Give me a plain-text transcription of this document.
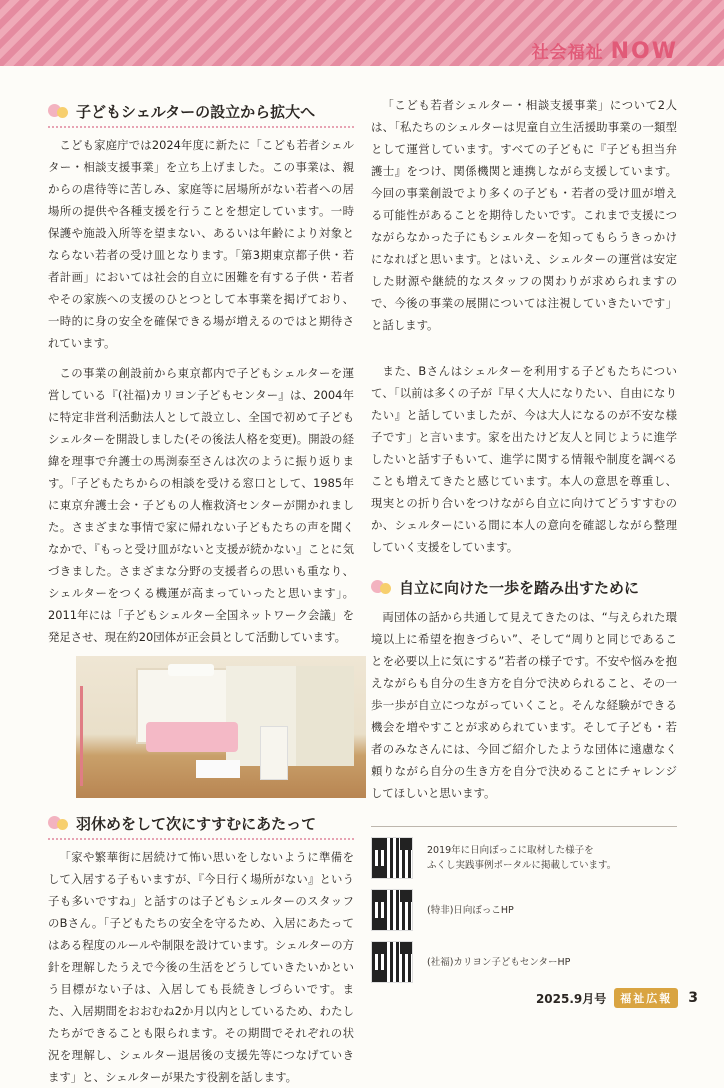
社会福祉 NOW
子どもシェルターの設立から拡大へ

こども家庭庁では2024年度に新たに「こども若者シェルター・相談支援事業」を立ち上げました。この事業は、親からの虐待等に苦しみ、家庭等に居場所がない若者への居場所の提供や各種支援を行うことを想定しています。一時保護や施設入所等を望まない、あるいは年齢により対象とならない若者の受け皿となります。「第3期東京都子供・若者計画」においては社会的自立に困難を有する子供・若者やその家族への支援のひとつとして本事業を掲げており、一時的に身の安全を確保できる場が増えるのではと期待されています。

この事業の創設前から東京都内で子どもシェルターを運営している『(社福)カリヨン子どもセンター』は、2004年に特定非営利活動法人として設立し、全国で初めて子どもシェルターを開設しました(その後法人格を変更)。開設の経緯を理事で弁護士の馬渕泰至さんは次のように振り返ります。「子どもたちからの相談を受ける窓口として、1985年に東京弁護士会・子どもの人権救済センターが開かれました。さまざまな事情で家に帰れない子どもたちの声を聞くなかで、『もっと受け皿がないと支援が続かない』ことに気づきました。さまざまな分野の支援者らの思いも重なり、シェルターをつくる機運が高まっていったと思います」。2011年には「子どもシェルター全国ネットワーク会議」を発足させ、現在約20団体が正会員として活動しています。

羽休めをして次にすすむにあたって

「家や繁華街に居続けて怖い思いをしないように準備をして入居する子もいますが、『今日行く場所がない』という子も多いですね」と話すのは子どもシェルターのスタッフのBさん。「子どもたちの安全を守るため、入居にあたってはある程度のルールや制限を設けています。シェルターの方針を理解したうえで今後の生活をどうしていきたいかという目標がない子は、入居しても長続きしづらいです。また、入居期間をおおむね2か月以内としているため、わたしたちができることも限られます。その期間でそれぞれの状況を理解し、シェルター退居後の支援先等につなげていきます」と、シェルターが果たす役割を話します。

「こども若者シェルター・相談支援事業」について2人は、「私たちのシェルターは児童自立生活援助事業の一類型として運営しています。すべての子どもに『子ども担当弁護士』をつけ、関係機関と連携しながら支援しています。今回の事業創設でより多くの子ども・若者の受け皿が増える可能性があることを期待したいです。これまで支援につながらなかった子にもシェルターを知ってもらうきっかけになればと思います。とはいえ、シェルターの運営は安定した財源や継続的なスタッフの関わりが求められますので、今後の事業の展開については注視していきたいです」と話します。

また、Bさんはシェルターを利用する子どもたちについて、「以前は多くの子が『早く大人になりたい、自由になりたい』と話していましたが、今は大人になるのが不安な様子です」と言います。家を出たけど友人と同じように進学したいと話す子もいて、進学に関する情報や制度を調べることも増えてきたと感じています。本人の意思を尊重し、現実との折り合いをつけながら自立に向けてどうすすむのか、シェルターにいる間に本人の意向を確認しながら整理していく支援をしています。

自立に向けた一歩を踏み出すために

両団体の話から共通して見えてきたのは、“与えられた環境以上に希望を抱きづらい”、そして“周りと同じであることを必要以上に気にする”若者の様子です。不安や悩みを抱えながらも自分の生き方を自分で決められること、その一歩一歩が自立につながっていくこと。そんな経験ができる機会を増やすことが求められています。そして子ども・若者のみなさんには、今回ご紹介したような団体に遠慮なく頼りながら自分の生き方を自分で決めることにチャレンジしてほしいと思います。

2019年に日向ぼっこに取材した様子を
ふくし実践事例ポータルに掲載しています。
(特非)日向ぼっこHP
(社福)カリヨン子どもセンターHP
2025.9月号	福祉広報	3
